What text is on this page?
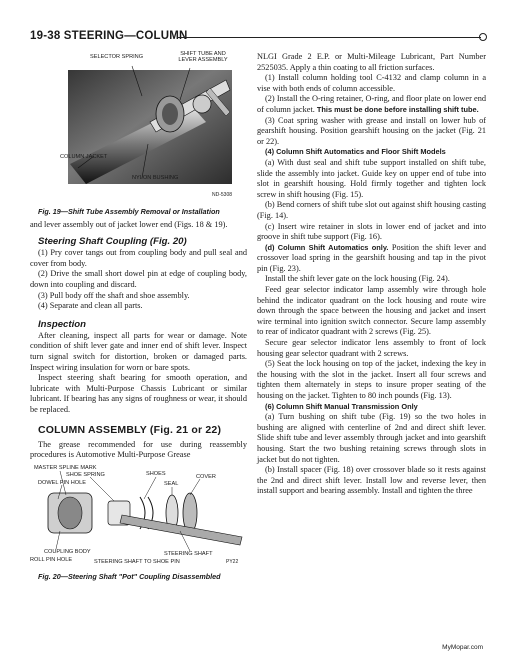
19-38 STEERING—COLUMN
SELECTOR SPRING	SHIFT TUBE AND LEVER ASSEMBLY
COLUMN JACKET
NYLON BUSHING
ND-5308

Fig. 19—Shift Tube Assembly Removal or Installation

and lever assembly out of jacket lower end (Figs. 18 & 19).

Steering Shaft Coupling (Fig. 20)

(1) Pry cover tangs out from coupling body and pull seal and cover from body.

(2) Drive the small short dowel pin at edge of coupling body, down into coupling and discard.

(3) Pull body off the shaft and shoe assembly.

(4) Separate and clean all parts.

Inspection

After cleaning, inspect all parts for wear or damage. Note condition of shift lever gate and inner end of shift lever. Inspect turn signal switch for distortion, broken or damaged parts. Inspect wiring insulation for worn or bare spots.

Inspect steering shaft bearing for smooth operation, and lubricate with Multi-Purpose Chassis Lubricant or similar lubricant. If bearing has any signs of roughness or wear, it should be replaced.

COLUMN ASSEMBLY (Fig. 21 or 22)

The grease recommended for use during reassembly procedures is Automotive Multi-Purpose Grease

MASTER SPLINE MARK
SHOE SPRING	SHOES	COVER
DOWEL PIN HOLE	SEAL
COUPLING BODY	STEERING SHAFT
ROLL PIN HOLE	STEERING SHAFT TO SHOE PIN	PY22

Fig. 20—Steering Shaft "Pot" Coupling Disassembled

NLGI Grade 2 E.P. or Multi-Mileage Lubricant, Part Number 2525035. Apply a thin coating to all friction surfaces.

(1) Install column holding tool C-4132 and clamp column in a vise with both ends of column accessible.

(2) Install the O-ring retainer, O-ring, and floor plate on lower end of column jacket. This must be done before installing shift tube.

(3) Coat spring washer with grease and install on lower hub of gearshift housing. Position gearshift housing on the jacket (Fig. 21 or 22).

(4) Column Shift Automatics and Floor Shift Models

(a) With dust seal and shift tube support installed on shift tube, slide the assembly into jacket. Guide key on upper end of tube into slot in gearshift housing. Hold firmly together and tighten lock screw in shift housing (Fig. 15).

(b) Bend corners of shift tube slot out against shift housing casting (Fig. 14).

(c) Insert wire retainer in slots in lower end of jacket and into groove in shift tube support (Fig. 16).

(d) Column Shift Automatics only. Position the shift lever and crossover load spring in the gearshift housing and tap in the pivot pin (Fig. 23).

Install the shift lever gate on the lock housing (Fig. 24).

Feed gear selector indicator lamp assembly wire through hole behind the indicator quadrant on the lock housing and route wire down through the space between the housing and jacket and insert wire terminal into ignition switch connector. Secure lamp assembly to rear of indicator quadrant with 2 screws (Fig. 25).

Secure gear selector indicator lens assembly to front of lock housing gear selector quadrant with 2 screws.

(5) Seat the lock housing on top of the jacket, indexing the key in the housing with the slot in the jacket. Insert all four screws and tighten them alternately in steps to insure proper seating of the housing on the jacket. Tighten to 80 inch pounds (Fig. 13).

(6) Column Shift Manual Transmission Only

(a) Turn bushing on shift tube (Fig. 19) so the two holes in bushing are aligned with centerline of 2nd and direct shift lever. Slide shift tube and lever assembly through jacket and into gearshift housing. Start the two bushing retaining screws through slots in jacket but do not tighten.

(b) Install spacer (Fig. 18) over crossover blade so it rests against the 2nd and direct shift lever. Install low and reverse lever, then install support and bearing assembly. Install and tighten the three

MyMopar.com
